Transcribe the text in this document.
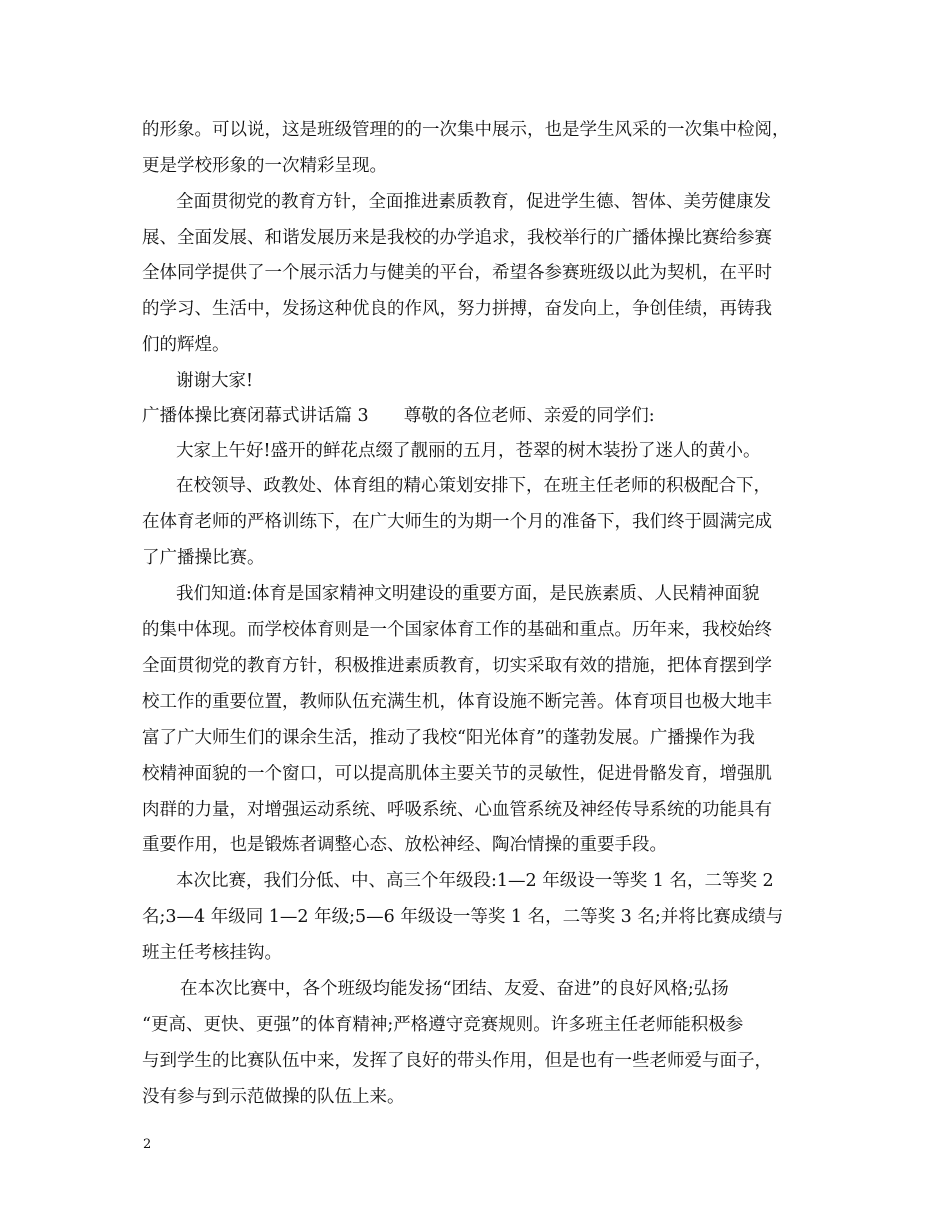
的形象。可以说，这是班级管理的的一次集中展示，也是学生风采的一次集中检阅，
更是学校形象的一次精彩呈现。
全面贯彻党的教育方针，全面推进素质教育，促进学生德、智体、美劳健康发
展、全面发展、和谐发展历来是我校的办学追求，我校举行的广播体操比赛给参赛
全体同学提供了一个展示活力与健美的平台，希望各参赛班级以此为契机，在平时
的学习、生活中，发扬这种优良的作风，努力拼搏，奋发向上，争创佳绩，再铸我
们的辉煌。
谢谢大家!
广播体操比赛闭幕式讲话篇 3　　尊敬的各位老师、亲爱的同学们:
大家上午好!盛开的鲜花点缀了靓丽的五月，苍翠的树木装扮了迷人的黄小。
在校领导、政教处、体育组的精心策划安排下，在班主任老师的积极配合下，
在体育老师的严格训练下，在广大师生的为期一个月的准备下，我们终于圆满完成
了广播操比赛。
我们知道:体育是国家精神文明建设的重要方面，是民族素质、人民精神面貌
的集中体现。而学校体育则是一个国家体育工作的基础和重点。历年来，我校始终
全面贯彻党的教育方针，积极推进素质教育，切实采取有效的措施，把体育摆到学
校工作的重要位置，教师队伍充满生机，体育设施不断完善。体育项目也极大地丰
富了广大师生们的课余生活，推动了我校“阳光体育”的蓬勃发展。广播操作为我
校精神面貌的一个窗口，可以提高肌体主要关节的灵敏性，促进骨骼发育，增强肌
肉群的力量，对增强运动系统、呼吸系统、心血管系统及神经传导系统的功能具有
重要作用，也是锻炼者调整心态、放松神经、陶冶情操的重要手段。
本次比赛，我们分低、中、高三个年级段:1—2 年级设一等奖 1 名，二等奖 2
名;3—4 年级同 1—2 年级;5—6 年级设一等奖 1 名，二等奖 3 名;并将比赛成绩与
班主任考核挂钩。
在本次比赛中，各个班级均能发扬“团结、友爱、奋进”的良好风格;弘扬
“更高、更快、更强”的体育精神;严格遵守竞赛规则。许多班主任老师能积极参
与到学生的比赛队伍中来，发挥了良好的带头作用，但是也有一些老师爱与面子，
没有参与到示范做操的队伍上来。
2
